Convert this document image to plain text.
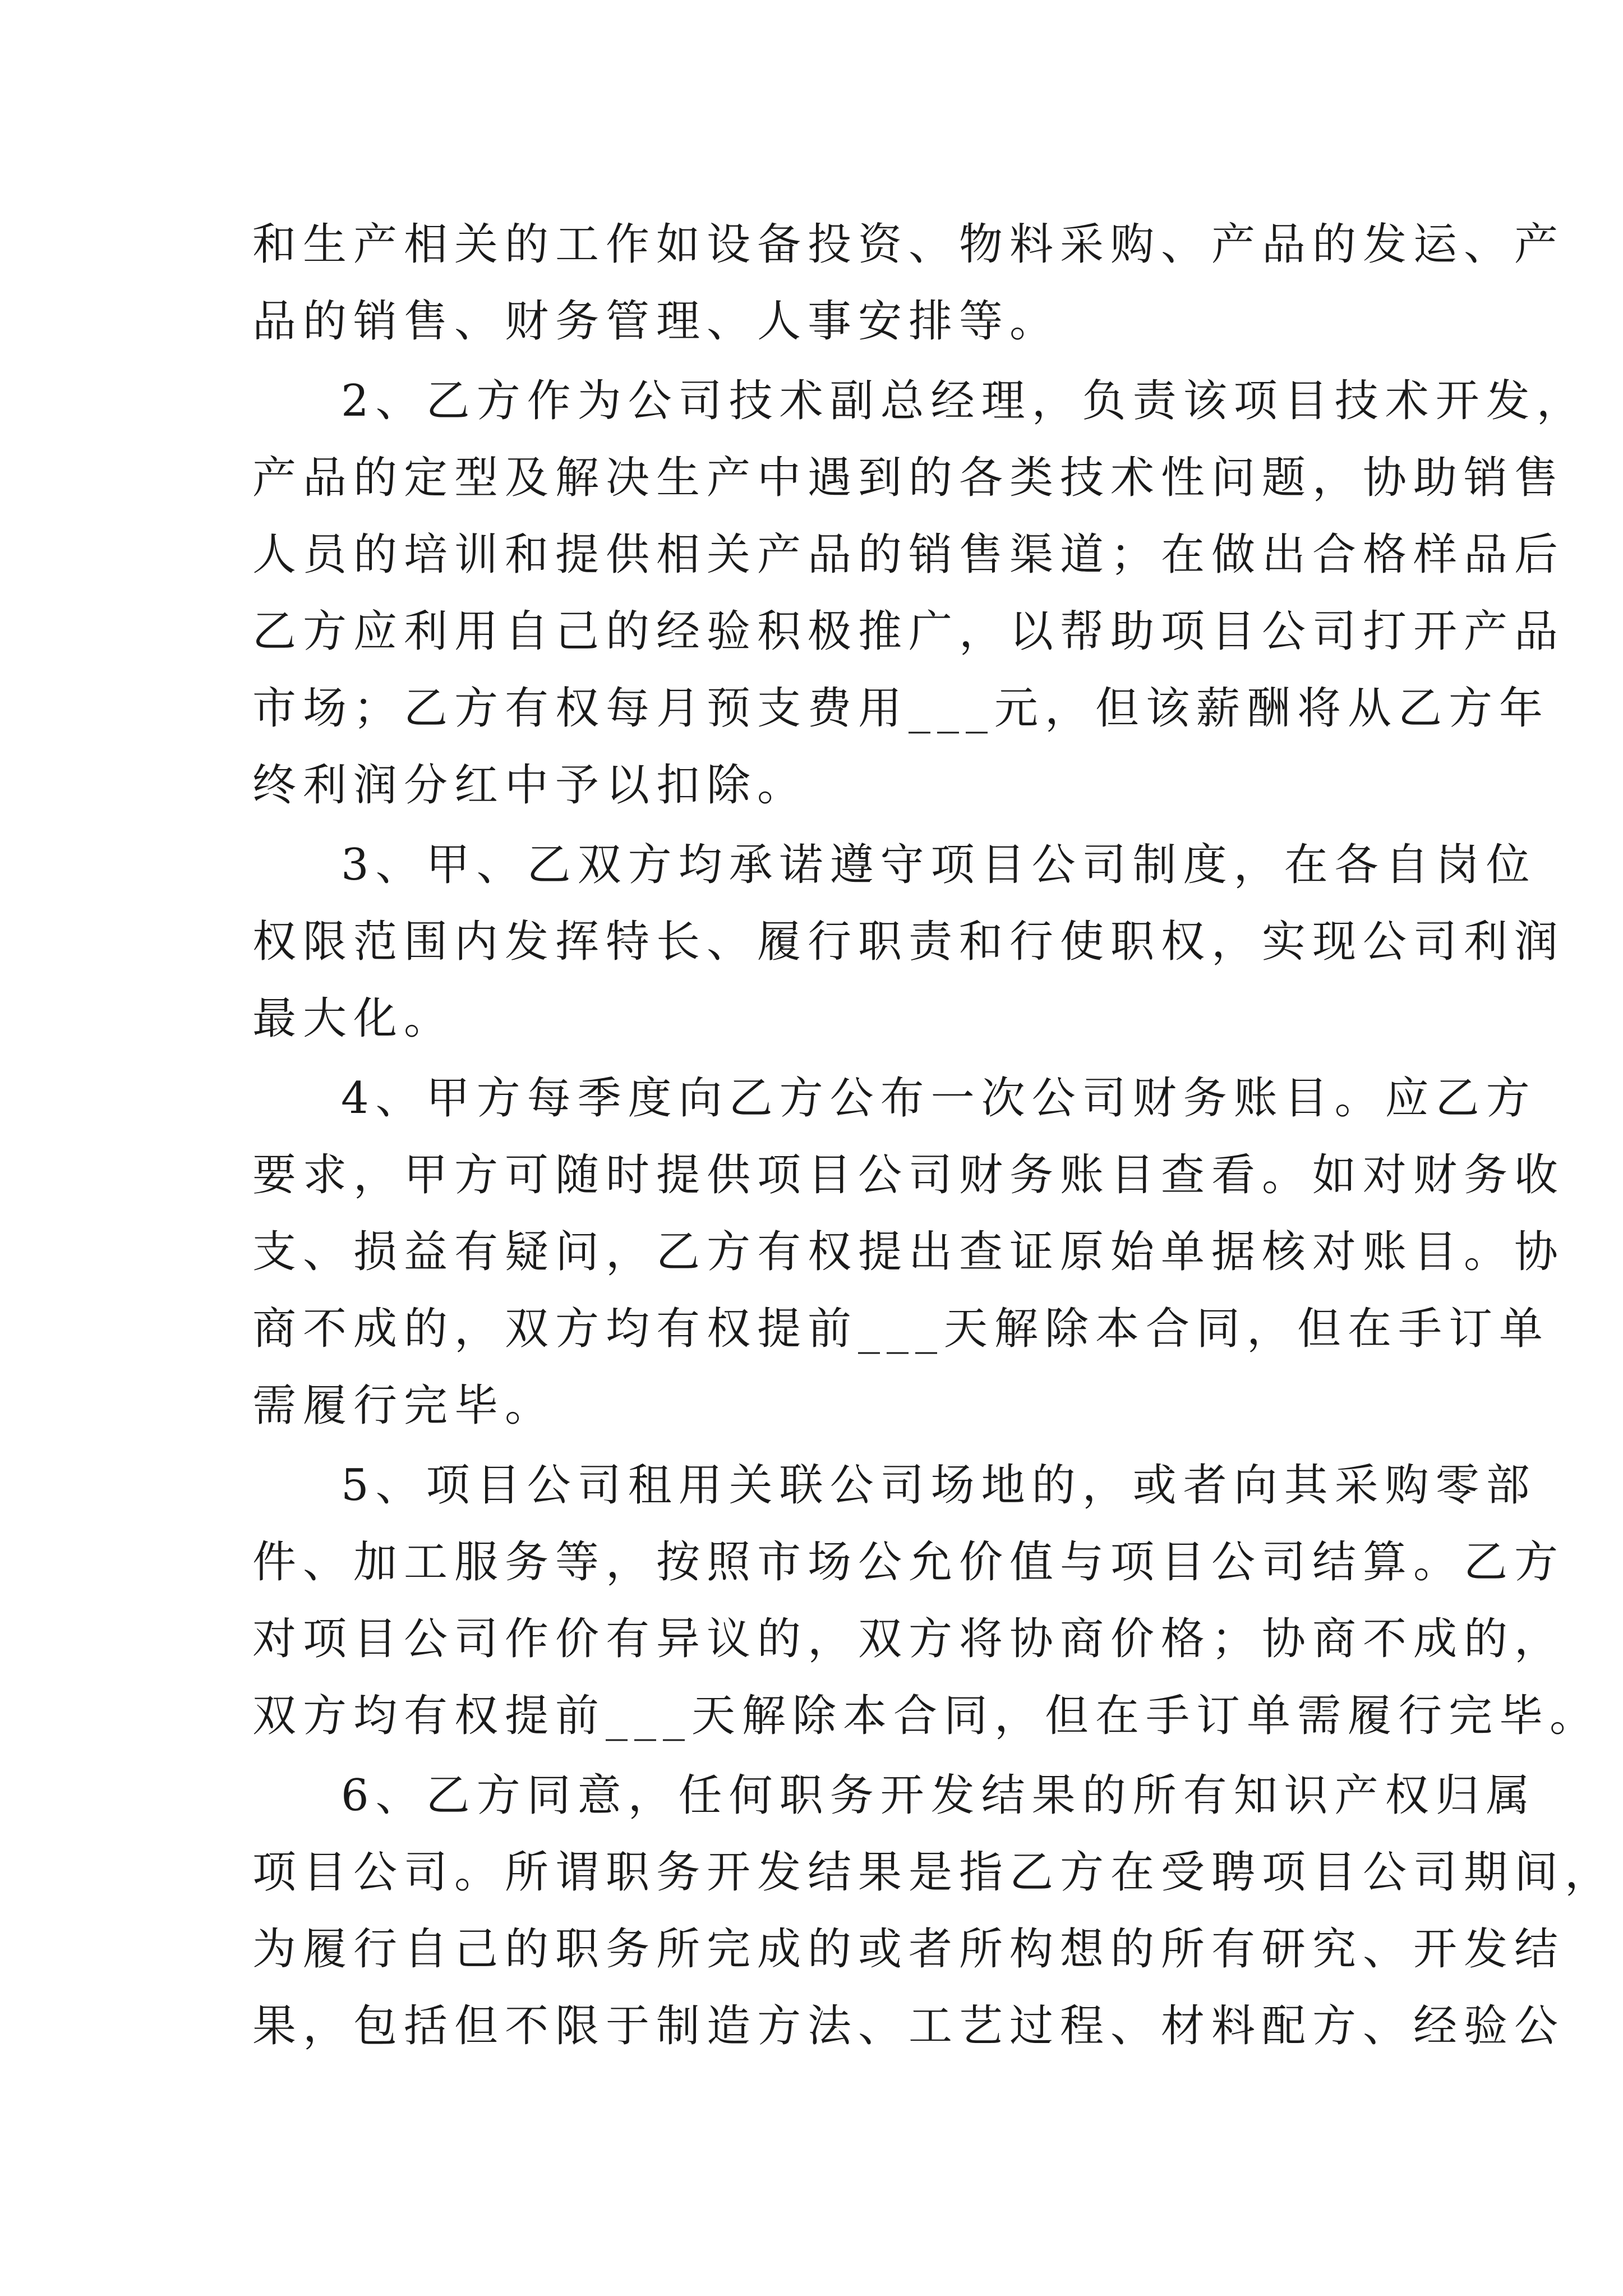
和生产相关的工作如设备投资、物料采购、产品的发运、产

品的销售、财务管理、人事安排等。

2、乙方作为公司技术副总经理，负责该项目技术开发，

产品的定型及解决生产中遇到的各类技术性问题，协助销售

人员的培训和提供相关产品的销售渠道；在做出合格样品后

乙方应利用自己的经验积极推广，以帮助项目公司打开产品

市场；乙方有权每月预支费用___元，但该薪酬将从乙方年

终利润分红中予以扣除。

3、甲、乙双方均承诺遵守项目公司制度，在各自岗位

权限范围内发挥特长、履行职责和行使职权，实现公司利润

最大化。

4、甲方每季度向乙方公布一次公司财务账目。应乙方

要求，甲方可随时提供项目公司财务账目查看。如对财务收

支、损益有疑问，乙方有权提出查证原始单据核对账目。协

商不成的，双方均有权提前___天解除本合同，但在手订单

需履行完毕。

5、项目公司租用关联公司场地的，或者向其采购零部

件、加工服务等，按照市场公允价值与项目公司结算。乙方

对项目公司作价有异议的，双方将协商价格；协商不成的，

双方均有权提前___天解除本合同，但在手订单需履行完毕。

6、乙方同意，任何职务开发结果的所有知识产权归属

项目公司。所谓职务开发结果是指乙方在受聘项目公司期间，

为履行自己的职务所完成的或者所构想的所有研究、开发结

果，包括但不限于制造方法、工艺过程、材料配方、经验公
